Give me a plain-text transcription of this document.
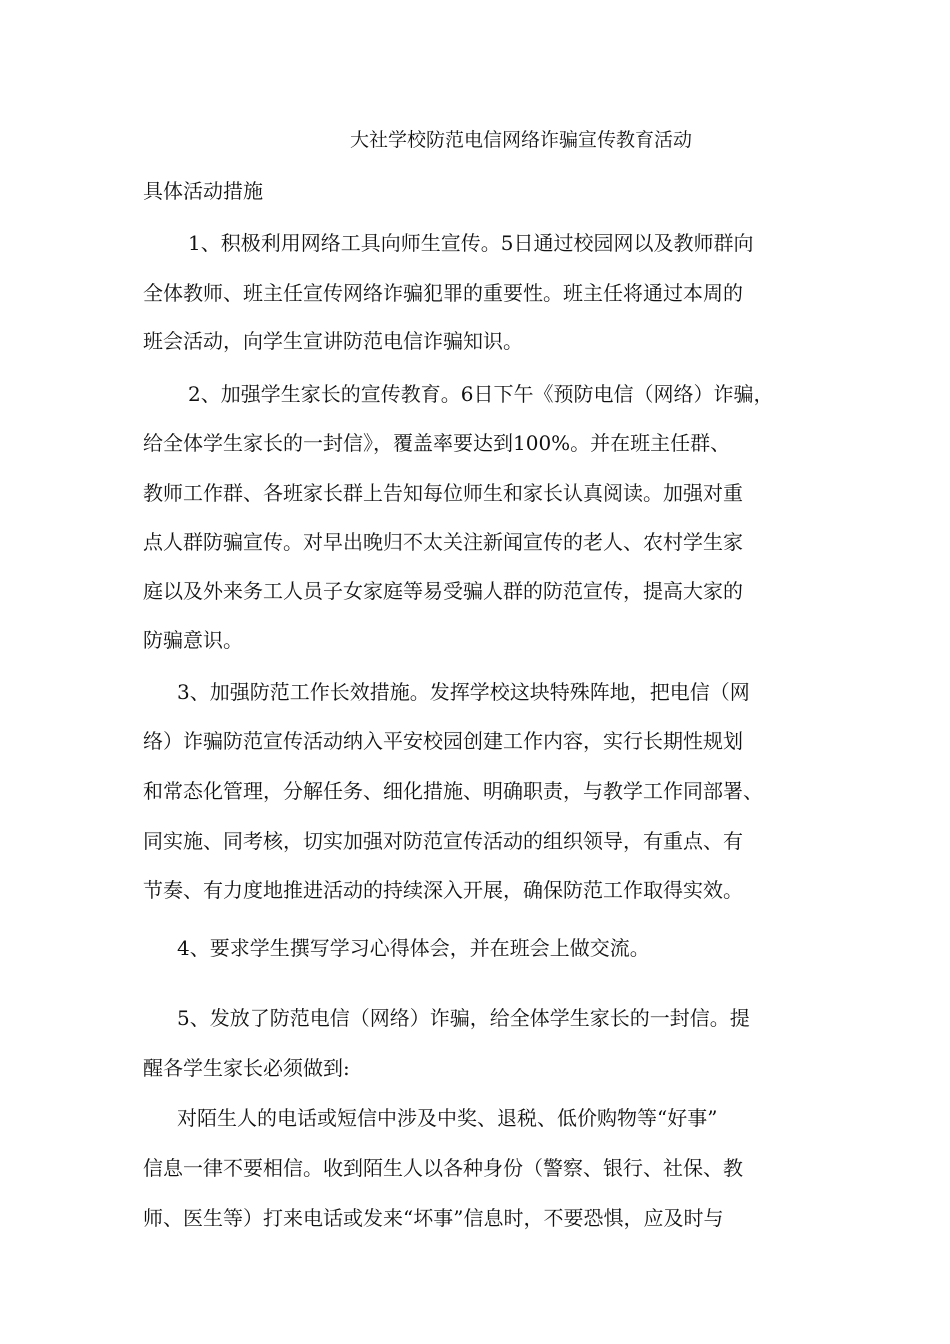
大社学校防范电信网络诈骗宣传教育活动
具体活动措施
1、积极利用网络工具向师生宣传。5日通过校园网以及教师群向
全体教师、班主任宣传网络诈骗犯罪的重要性。班主任将通过本周的
班会活动，向学生宣讲防范电信诈骗知识。
2、加强学生家长的宣传教育。6日下午《预防电信（网络）诈骗，
给全体学生家长的一封信》，覆盖率要达到100%。并在班主任群、
教师工作群、各班家长群上告知每位师生和家长认真阅读。加强对重
点人群防骗宣传。对早出晚归不太关注新闻宣传的老人、农村学生家
庭以及外来务工人员子女家庭等易受骗人群的防范宣传，提高大家的
防骗意识。
3、加强防范工作长效措施。发挥学校这块特殊阵地，把电信（网
络）诈骗防范宣传活动纳入平安校园创建工作内容，实行长期性规划
和常态化管理，分解任务、细化措施、明确职责，与教学工作同部署、
同实施、同考核，切实加强对防范宣传活动的组织领导，有重点、有
节奏、有力度地推进活动的持续深入开展，确保防范工作取得实效。
4、要求学生撰写学习心得体会，并在班会上做交流。
5、发放了防范电信（网络）诈骗，给全体学生家长的一封信。提
醒各学生家长必须做到:
对陌生人的电话或短信中涉及中奖、退税、低价购物等“好事”
信息一律不要相信。收到陌生人以各种身份（警察、银行、社保、教
师、医生等）打来电话或发来“坏事”信息时，不要恐惧，应及时与
